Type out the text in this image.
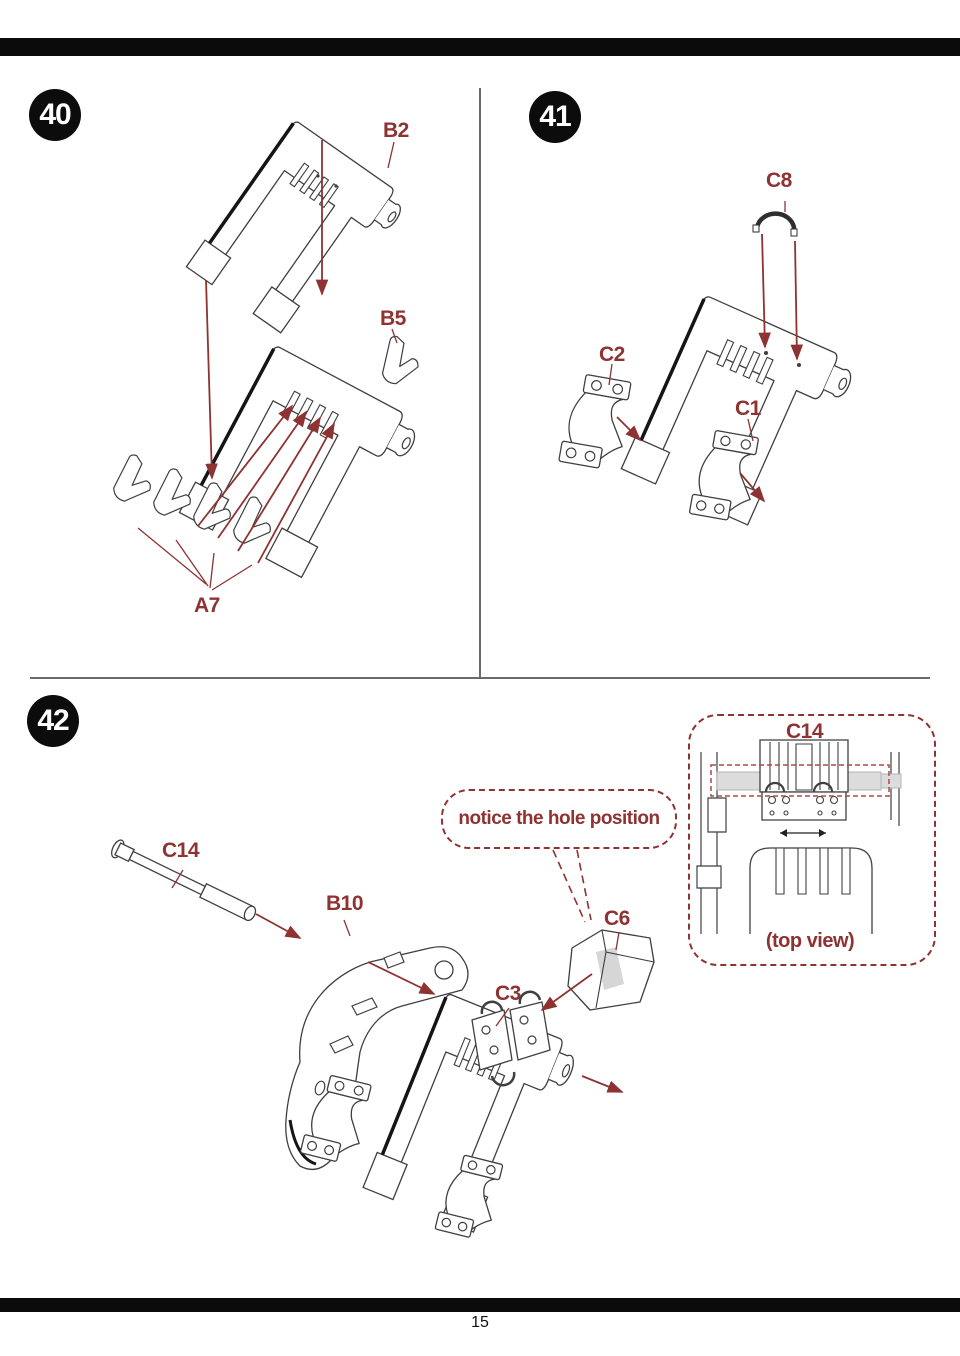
40	41
42
B2
B5
A7
C8
C2
C1
C14
B10
C6
C3
notice the hole position
C14
(top view)
15
